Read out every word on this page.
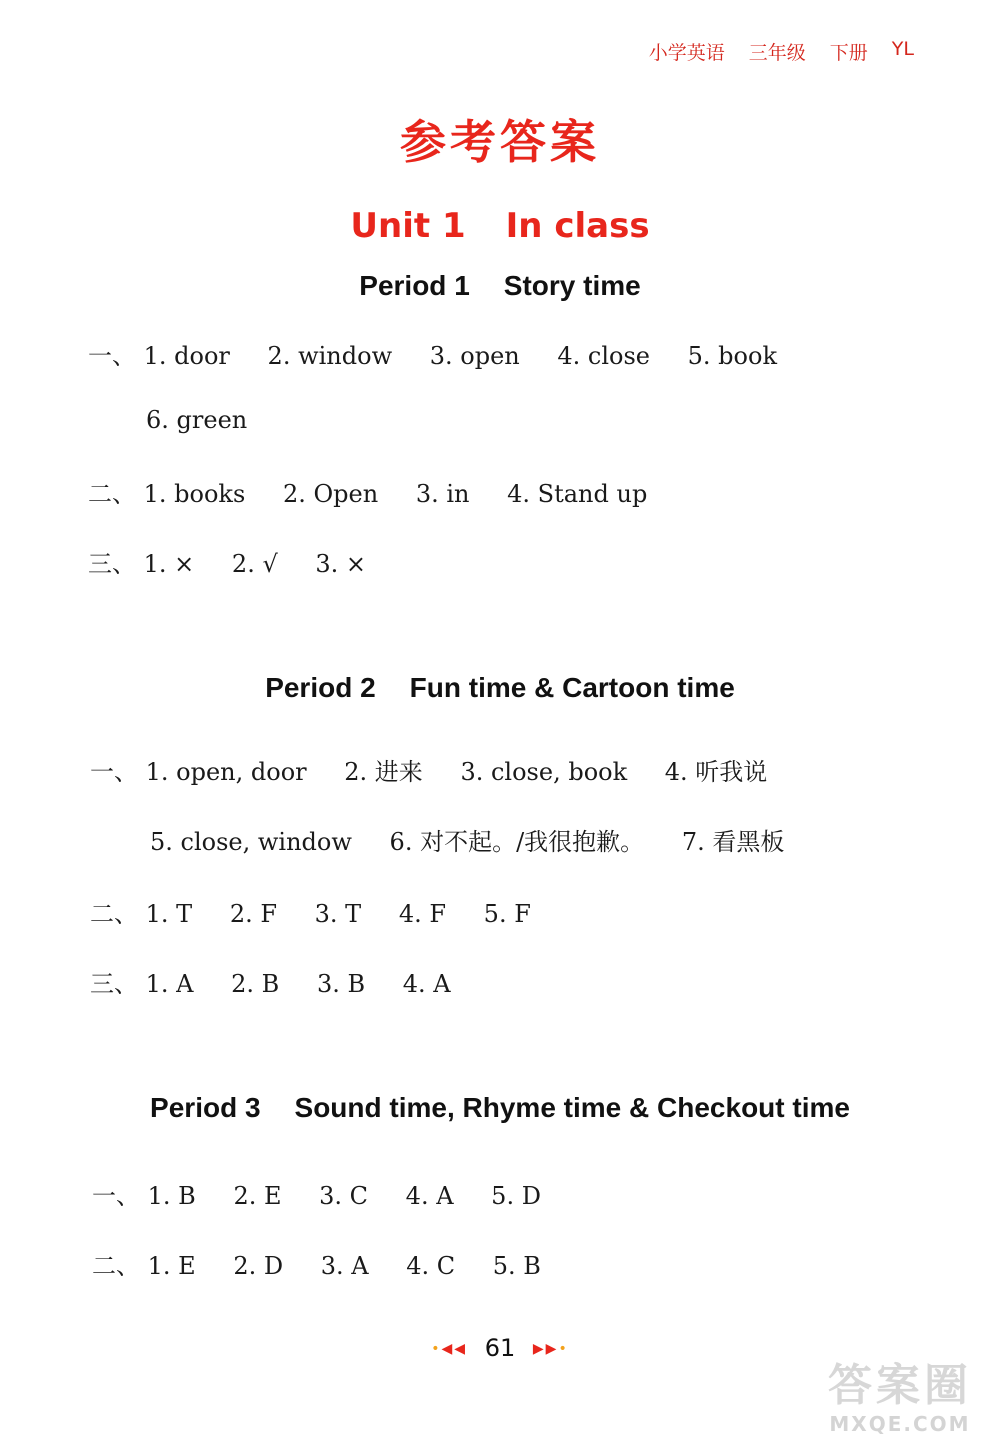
小学英语 三年级 下册 YL
参考答案
Unit 1 In class
Period 1 Story time
一、 1. door 2. window 3. open 4. close 5. book
6. green
二、 1. books 2. Open 3. in 4. Stand up
三、 1. × 2. √ 3. ×
Period 2 Fun time & Cartoon time
一、 1. open, door 2. 进来 3. close, book 4. 听我说
5. close, window 6. 对不起。/我很抱歉。 7. 看黑板
二、 1. T 2. F 3. T 4. F 5. F
三、 1. A 2. B 3. B 4. A
Period 3 Sound time, Rhyme time & Checkout time
一、 1. B 2. E 3. C 4. A 5. D
二、 1. E 2. D 3. A 4. C 5. B
•◀◀ 61 ▶▶•
答案圈
MXQE.COM
